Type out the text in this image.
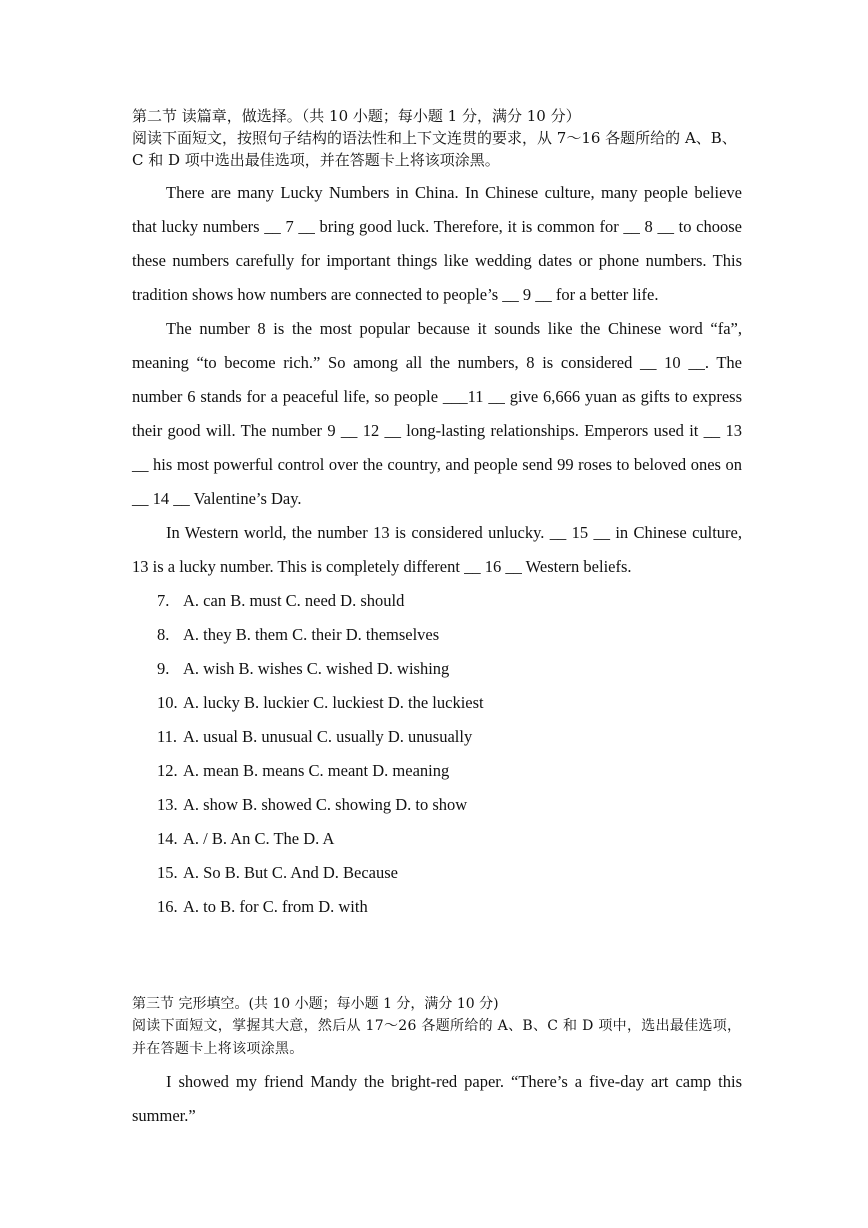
第二节 读篇章，做选择。（共 10 小题；每小题 1 分，满分 10 分）

阅读下面短文，按照句子结构的语法性和上下文连贯的要求，从 7～16 各题所给的 A、B、C 和 D 项中选出最佳选项，并在答题卡上将该项涂黑。

There are many Lucky Numbers in China. In Chinese culture, many people believe that lucky numbers __ 7 __ bring good luck. Therefore, it is common for __ 8 __ to choose these numbers carefully for important things like wedding dates or phone numbers. This tradition shows how numbers are connected to people’s __ 9 __ for a better life.

The number 8 is the most popular because it sounds like the Chinese word “fa”, meaning “to become rich.” So among all the numbers, 8 is considered __ 10 __. The number 6 stands for a peaceful life, so people ___11 __ give 6,666 yuan as gifts to express their good will. The number 9 __ 12 __ long-lasting relationships. Emperors used it __ 13 __ his most powerful control over the country, and people send 99 roses to beloved ones on __ 14 __ Valentine’s Day.

In Western world, the number 13 is considered unlucky. __ 15 __ in Chinese culture, 13 is a lucky number. This is completely different __ 16 __ Western beliefs.

7. A. can B. must C. need D. should

8. A. they B. them C. their D. themselves

9. A. wish B. wishes C. wished D. wishing

10. A. lucky B. luckier C. luckiest D. the luckiest

11. A. usual B. unusual C. usually D. unusually

12. A. mean B. means C. meant D. meaning

13. A. show B. showed C. showing D. to show

14. A. / B. An C. The D. A

15. A. So B. But C. And D. Because

16. A. to B. for C. from D. with

第三节 完形填空。(共 10 小题；每小题 1 分，满分 10 分)

阅读下面短文，掌握其大意，然后从 17～26 各题所给的 A、B、C 和 D 项中，选出最佳选项，并在答题卡上将该项涂黑。

I showed my friend Mandy the bright-red paper. “There’s a five-day art camp this summer.”
